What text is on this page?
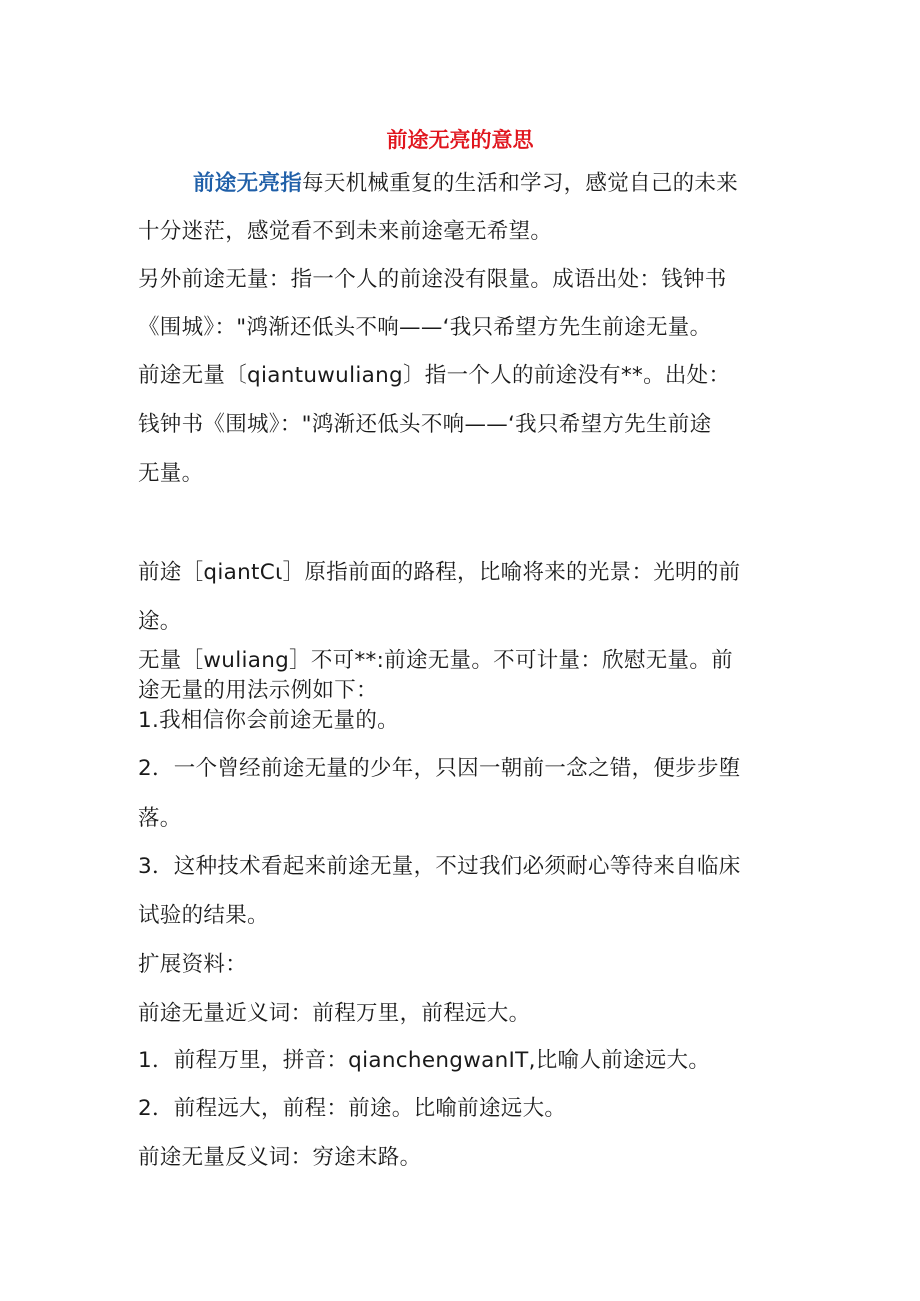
前途无亮的意思
前途无亮指每天机械重复的生活和学习，感觉自己的未来
十分迷茫，感觉看不到未来前途毫无希望。
另外前途无量：指一个人的前途没有限量。成语出处：钱钟书
《围城》："鸿渐还低头不响——‘我只希望方先生前途无量。
前途无量〔qiantuwuliang〕指一个人的前途没有**。出处：
钱钟书《围城》："鸿渐还低头不响——‘我只希望方先生前途
无量。
前途［qiantCι］原指前面的路程，比喻将来的光景：光明的前
途。
无量［wuliang］不可**:前途无量。不可计量：欣慰无量。前
途无量的用法示例如下：
1.我相信你会前途无量的。
2．一个曾经前途无量的少年，只因一朝前一念之错，便步步堕
落。
3．这种技术看起来前途无量，不过我们必须耐心等待来自临床
试验的结果。
扩展资料：
前途无量近义词：前程万里，前程远大。
1．前程万里，拼音：qianchengwanIT,比喻人前途远大。
2．前程远大，前程：前途。比喻前途远大。
前途无量反义词：穷途末路。
